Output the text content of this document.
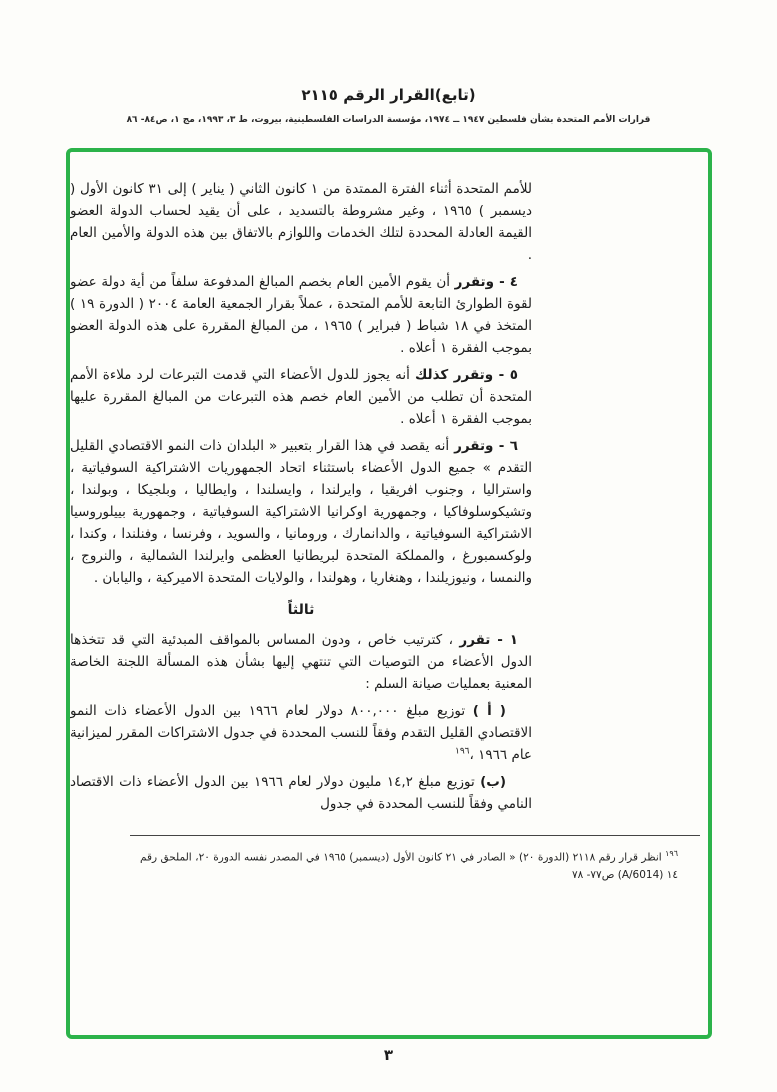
(تابع)القرار الرقم ٢١١٥
قرارات الأمم المتحدة بشأن فلسطين ١٩٤٧ ــ ١٩٧٤، مؤسسة الدراسات الفلسطينية، بيروت، ط ٣، ١٩٩٣، مج ١، ص٨٤- ٨٦

للأمم المتحدة أثناء الفترة الممتدة من ١ كانون الثاني ( يناير ) إلى ٣١ كانون الأول ( ديسمبر ) ١٩٦٥ ، وغير مشروطة بالتسديد ، على أن يقيد لحساب الدولة العضو القيمة العادلة المحددة لتلك الخدمات واللوازم بالاتفاق بين هذه الدولة والأمين العام .

٤ - وتقرر أن يقوم الأمين العام بخصم المبالغ المدفوعة سلفاً من أية دولة عضو لقوة الطوارئ التابعة للأمم المتحدة ، عملاً بقرار الجمعية العامة ٢٠٠٤ ( الدورة ١٩ ) المتخذ في ١٨ شباط ( فبراير ) ١٩٦٥ ، من المبالغ المقررة على هذه الدولة العضو بموجب الفقرة ١ أعلاه .

٥ - وتقرر كذلك أنه يجوز للدول الأعضاء التي قدمت التبرعات لرد ملاءة الأمم المتحدة أن تطلب من الأمين العام خصم هذه التبرعات من المبالغ المقررة عليها بموجب الفقرة ١ أعلاه .

٦ - وتقرر أنه يقصد في هذا القرار بتعبير « البلدان ذات النمو الاقتصادي القليل التقدم » جميع الدول الأعضاء باستثناء اتحاد الجمهوريات الاشتراكية السوفياتية ، واستراليا ، وجنوب افريقيا ، وايرلندا ، وايسلندا ، وايطاليا ، وبلجيكا ، وبولندا ، وتشيكوسلوفاكيا ، وجمهورية اوكرانيا الاشتراكية السوفياتية ، وجمهورية بييلوروسيا الاشتراكية السوفياتية ، والدانمارك ، ورومانيا ، والسويد ، وفرنسا ، وفنلندا ، وكندا ، ولوكسمبورغ ، والمملكة المتحدة لبريطانيا العظمى وايرلندا الشمالية ، والنروج ، والنمسا ، ونيوزيلندا ، وهنغاريا ، وهولندا ، والولايات المتحدة الاميركية ، واليابان .

ثالثاً

١ - تقرر ، كترتيب خاص ، ودون المساس بالمواقف المبدئية التي قد تتخذها الدول الأعضاء من التوصيات التي تنتهي إليها بشأن هذه المسألة اللجنة الخاصة المعنية بعمليات صيانة السلم :

( أ ) توزيع مبلغ ٨٠٠,٠٠٠ دولار لعام ١٩٦٦ بين الدول الأعضاء ذات النمو الاقتصادي القليل التقدم وفقاً للنسب المحددة في جدول الاشتراكات المقرر لميزانية عام ١٩٦٦ ،$^{١٩٦}$

(ب) توزيع مبلغ ١٤,٢ مليون دولار لعام ١٩٦٦ بين الدول الأعضاء ذات الاقتصاد النامي وفقاً للنسب المحددة في جدول

$^{١٩٦}$ انظر قرار رقم ٢١١٨ (الدورة ٢٠) « الصادر في ٢١ كانون الأول (ديسمبر) ١٩٦٥ في المصدر نفسه الدورة ٢٠، الملحق رقم ١٤ (A/6014) ص٧٧- ٧٨
٣
